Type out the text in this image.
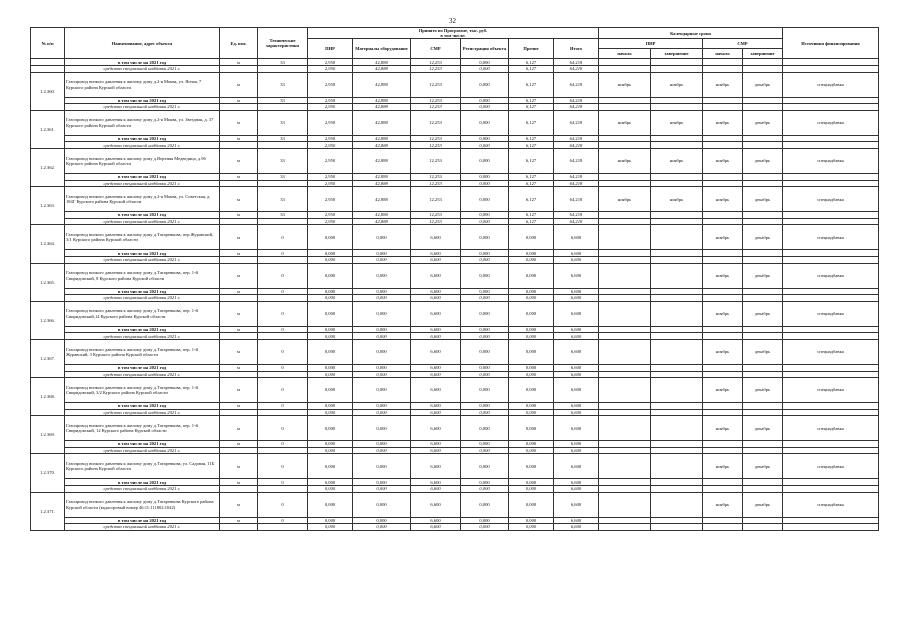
32
№ п/п	Наименование, адрес объекта	Ед. изм.	Технические характеристики	Принято по Программе, тыс. руб.
в том числе:						Календарные сроки				Источники финансирования
				ПИР	Материалы оборудование	СМР	Регистрация объекта	Прочие	Итого	ПИР		СМР		
										начало	завершение	начало	завершение	
	в том числе на 2021 год	м	33	2,950	42,888	12,253	0,000	6,127	64,218					
	средства специальной надбавки 2021 г.			2,950	42,888	12,253	0,000	6,127	64,218					
1.2.360.	Газопровод низкого давления к жилому дому д.2-я Моква, ул. Ясная, 7 Курского района Курской области	м	33	2,950	42,888	12,253	0,000	6,127	64,218	ноябрь	ноябрь	ноябрь	декабрь	спецнадбавка
	в том числе на 2021 год	м	33	2,950	42,888	12,253	0,000	6,127	64,218					
	средства специальной надбавки 2021 г.			2,950	42,888	12,253	0,000	6,127	64,218					
1.2.361.	Газопровод низкого давления к жилому дому д.2-я Моква, ул. Звездная, д. 37 Курского района Курской области	м	33	2,950	42,888	12,253	0,000	6,127	64,218	ноябрь	ноябрь	ноябрь	декабрь	спецнадбавка
	в том числе на 2021 год	м	33	2,950	42,888	12,253	0,000	6,127	64,218					
	средства специальной надбавки 2021 г.			2,950	42,888	12,253	0,000	6,127	64,218					
1.2.362.	Газопровод низкого давления к жилому дому д.Верхняя Медведица, д.96 Курского района Курской области	м	33	2,950	42,888	12,253	0,000	6,127	64,218	ноябрь	ноябрь	ноябрь	декабрь	спецнадбавка
	в том числе на 2021 год	м	33	2,950	42,888	12,253	0,000	6,127	64,218					
	средства специальной надбавки 2021 г.			2,950	42,888	12,253	0,000	6,127	64,218					
1.2.363.	Газопровод низкого давления к жилому дому д.2-я Моква, ул. Советская, д. 184Г Курского района Курской области	м	33	2,950	42,888	12,253	0,000	6,127	64,218	ноябрь	ноябрь	ноябрь	декабрь	спецнадбавка
	в том числе на 2021 год	м	33	2,950	42,888	12,253	0,000	6,127	64,218					
	средства специальной надбавки 2021 г.			2,950	42,888	12,253	0,000	6,127	64,218					
1.2.364.	Газопровод низкого давления к жилому дому д.Татаренкова, пер.Журавский, 3/1 Курского района Курской области	м	0	0,000	0,000	6,600	0,000	0,000	6,600			ноябрь	декабрь	спецнадбавка
	в том числе на 2021 год	м	0	0,000	0,000	6,600	0,000	0,000	6,600					
	средства специальной надбавки 2021 г.			0,000	0,000	6,600	0,000	0,000	6,600					
1.2.365.	Газопровод низкого давления к жилому дому д.Татаренкова, пер. 1-й Свиридовский, 8 Курского района Курской области	м	0	0,000	0,000	6,600	0,000	0,000	6,600			ноябрь	декабрь	спецнадбавка
	в том числе на 2021 год	м	0	0,000	0,000	6,600	0,000	0,000	6,600					
	средства специальной надбавки 2021 г.			0,000	0,000	6,600	0,000	0,000	6,600					
1.2.366.	Газопровод низкого давления к жилому дому д.Татаренкова, пер. 1-й Свиридовский,14 Курского района Курской области	м	0	0,000	0,000	6,600	0,000	0,000	6,600			ноябрь	декабрь	спецнадбавка
	в том числе на 2021 год	м	0	0,000	0,000	6,600	0,000	0,000	6,600					
	средства специальной надбавки 2021 г.			0,000	0,000	6,600	0,000	0,000	6,600					
1.2.367.	Газопровод низкого давления к жилому дому д.Татаренкова, пер. 1-й Журавский, 3 Курского района Курской области	м	0	0,000	0,000	6,600	0,000	0,000	6,600			ноябрь	декабрь	спецнадбавка
	в том числе на 2021 год	м	0	0,000	0,000	6,600	0,000	0,000	6,600					
	средства специальной надбавки 2021 г.			0,000	0,000	6,600	0,000	0,000	6,600					
1.2.368.	Газопровод низкого давления к жилому дому д.Татаренкова, пер. 1-й Свиридовский, 3/2 Курского района Курской области	м	0	0,000	0,000	6,600	0,000	0,000	6,600			ноябрь	декабрь	спецнадбавка
	в том числе на 2021 год	м	0	0,000	0,000	6,600	0,000	0,000	6,600					
	средства специальной надбавки 2021 г.			0,000	0,000	6,600	0,000	0,000	6,600					
1.2.369.	Газопровод низкого давления к жилому дому д.Татаренкова, пер. 1-й Свиридовский, 12 Курского района Курской области	м	0	0,000	0,000	6,600	0,000	0,000	6,600			ноябрь	декабрь	спецнадбавка
	в том числе на 2021 год	м	0	0,000	0,000	6,600	0,000	0,000	6,600					
	средства специальной надбавки 2021 г.			0,000	0,000	6,600	0,000	0,000	6,600					
1.2.370.	Газопровод низкого давления к жилому дому д.Татаренкова, ул. Садовая, 11Б Курского района Курской области	м	0	0,000	0,000	6,600	0,000	0,000	6,600			ноябрь	декабрь	спецнадбавка
	в том числе на 2021 год	м	0	0,000	0,000	6,600	0,000	0,000	6,600					
	средства специальной надбавки 2021 г.			0,000	0,000	6,600	0,000	0,000	6,600					
1.2.371.	Газопровод низкого давления к жилому дому д.Татаренкова Курского района Курской области (кадастровый номер 46:11:111802:1042)	м	0	0,000	0,000	6,600	0,000	0,000	6,600			ноябрь	декабрь	спецнадбавка
	в том числе на 2021 год	м	0	0,000	0,000	6,600	0,000	0,000	6,600					
	средства специальной надбавки 2021 г.			0,000	0,000	6,600	0,000	0,000	6,600					
